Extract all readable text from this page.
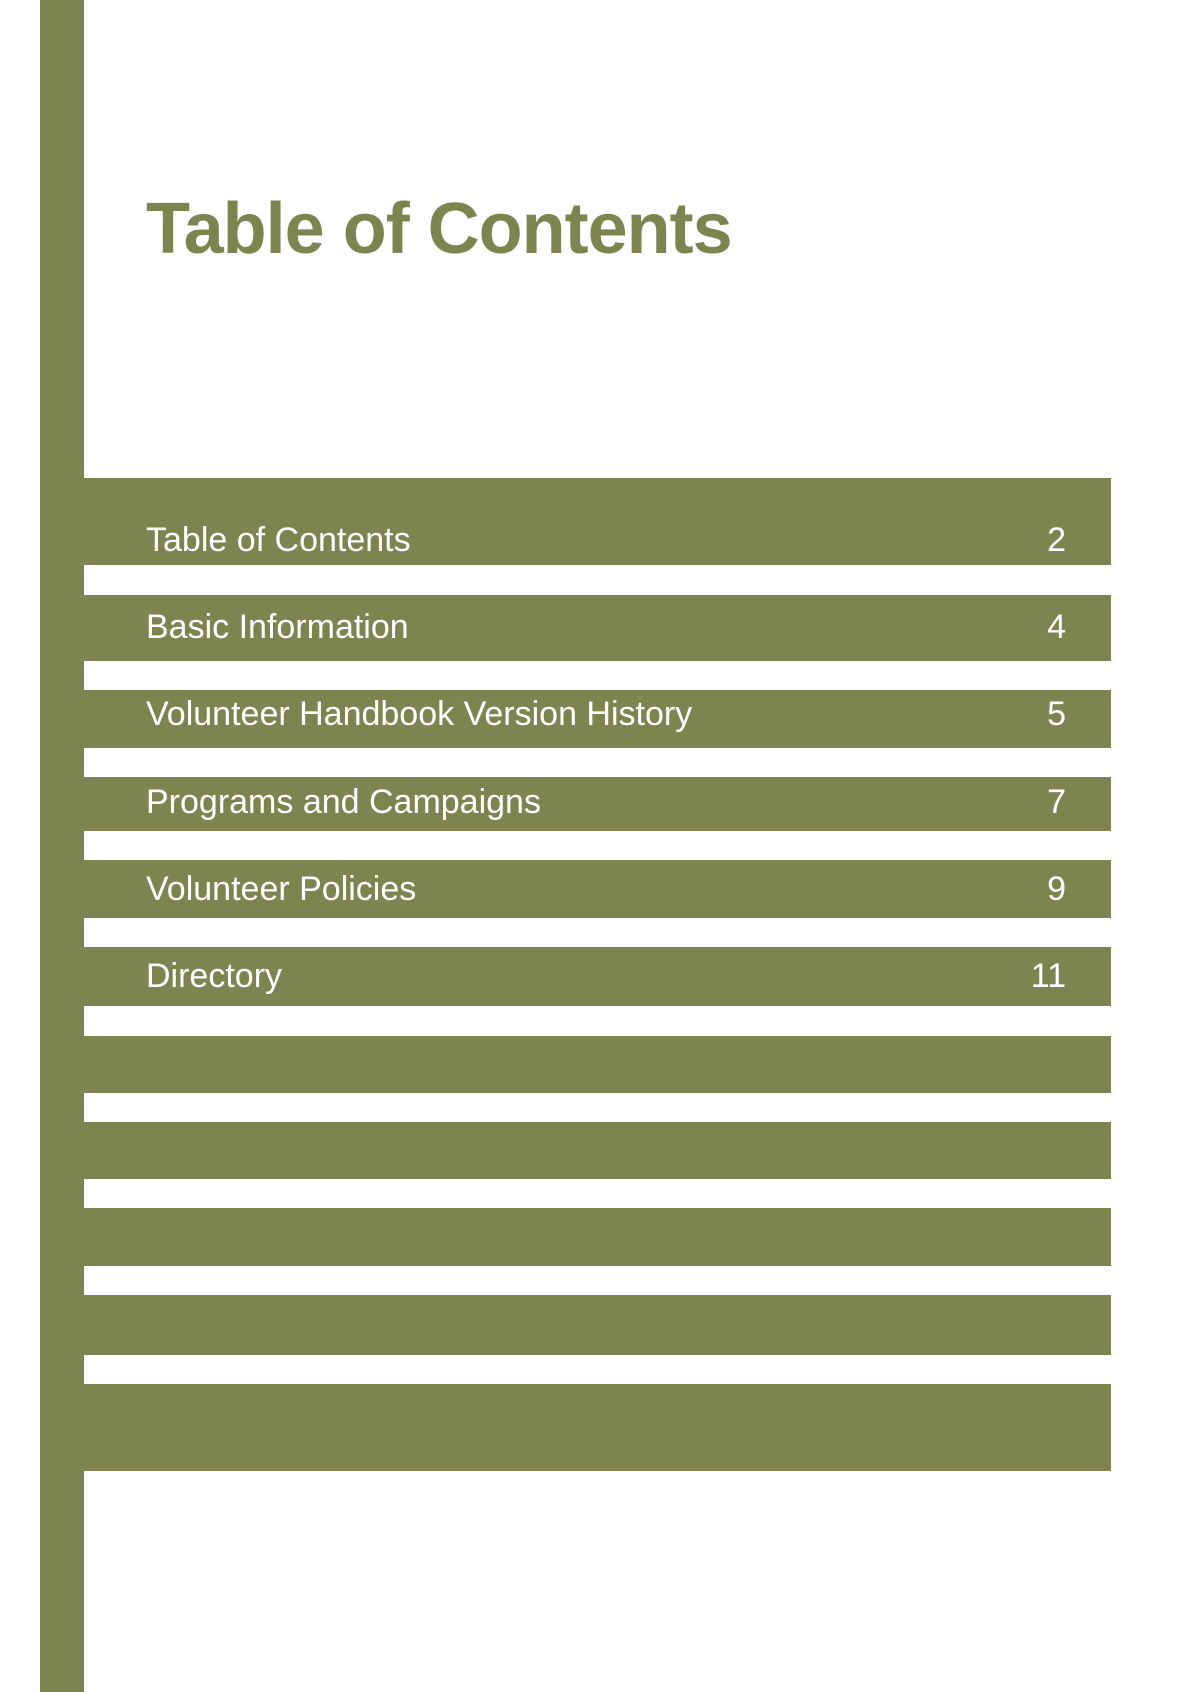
Table of Contents
Table of Contents	2
Basic Information	4
Volunteer Handbook Version History	5
Programs and Campaigns	7
Volunteer Policies	9
Directory	11
